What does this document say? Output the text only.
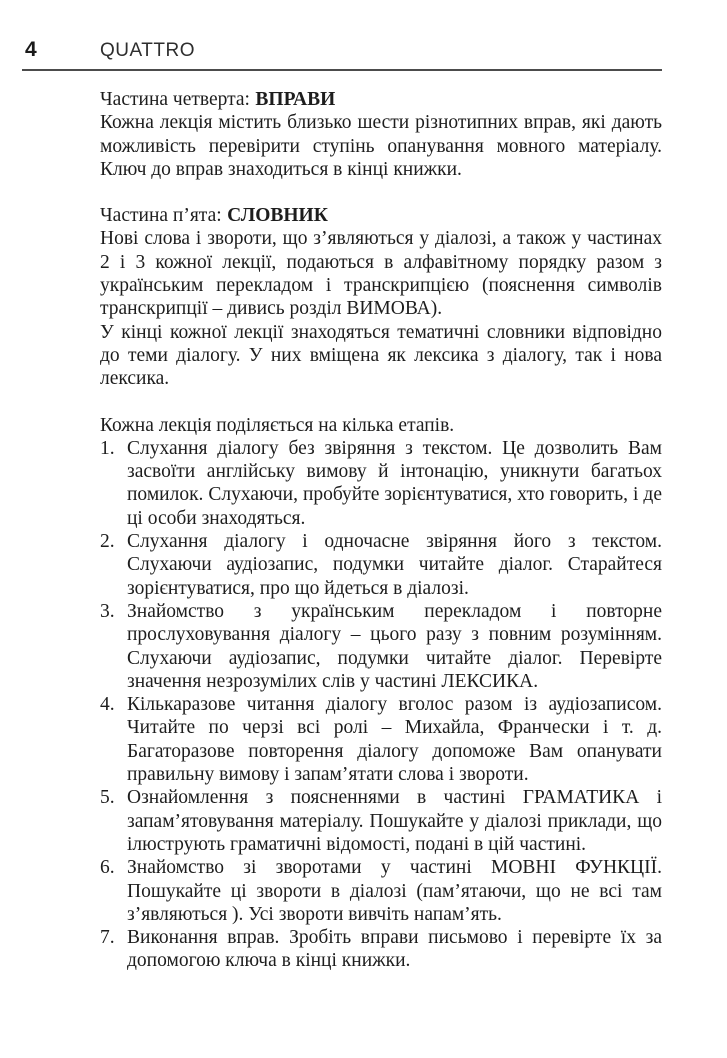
4	QUATTRO

Частина четверта: ВПРАВИ

Кожна лекція містить близько шести різнотипних вправ, які дають можливість перевірити ступінь опанування мовного матеріалу. Ключ до вправ знаходиться в кінці книжки.

Частина п’ята: СЛОВНИК

Нові слова і звороти, що з’являються у діалозі, а також у частинах 2 і 3 кожної лекції, подаються в алфавітному порядку разом з українським перекладом і транскрипцією (пояснення символів транскрипції – дивись розділ ВИМОВА).

У кінці кожної лекції знаходяться тематичні словники відповідно до теми діалогу. У них вміщена як лексика з діалогу, так і нова лексика.

Кожна лекція поділяється на кілька етапів.

1. Слухання діалогу без звіряння з текстом. Це дозволить Вам засвоїти англійську вимову й інтонацію, уникнути багатьох помилок. Слухаючи, пробуйте зорієнтуватися, хто говорить, і де ці особи знаходяться.
2. Слухання діалогу і одночасне звіряння його з текстом. Слухаючи аудіозапис, подумки читайте діалог. Старайтеся зорієнтуватися, про що йдеться в діалозі.
3. Знайомство з українським перекладом і повторне прослуховування діалогу – цього разу з повним розумінням. Слухаючи аудіозапис, подумки читайте діалог. Перевірте значення незрозумілих слів у частині ЛЕКСИКА.
4. Кількаразове читання діалогу вголос разом із аудіозаписом. Читайте по черзі всі ролі – Михайла, Франчески і т. д. Багаторазове повторення діалогу допоможе Вам опанувати правильну вимову і запам’ятати слова і звороти.
5. Ознайомлення з поясненнями в частині ГРАМАТИКА і запам’ятовування матеріалу. Пошукайте у діалозі приклади, що ілюструють граматичні відомості, подані в цій частині.
6. Знайомство зі зворотами у частині МОВНІ ФУНКЦІЇ. Пошукайте ці звороти в діалозі (пам’ятаючи, що не всі там з’являються ). Усі звороти вивчіть напам’ять.
7. Виконання вправ. Зробіть вправи письмово і перевірте їх за допомогою ключа в кінці книжки.
